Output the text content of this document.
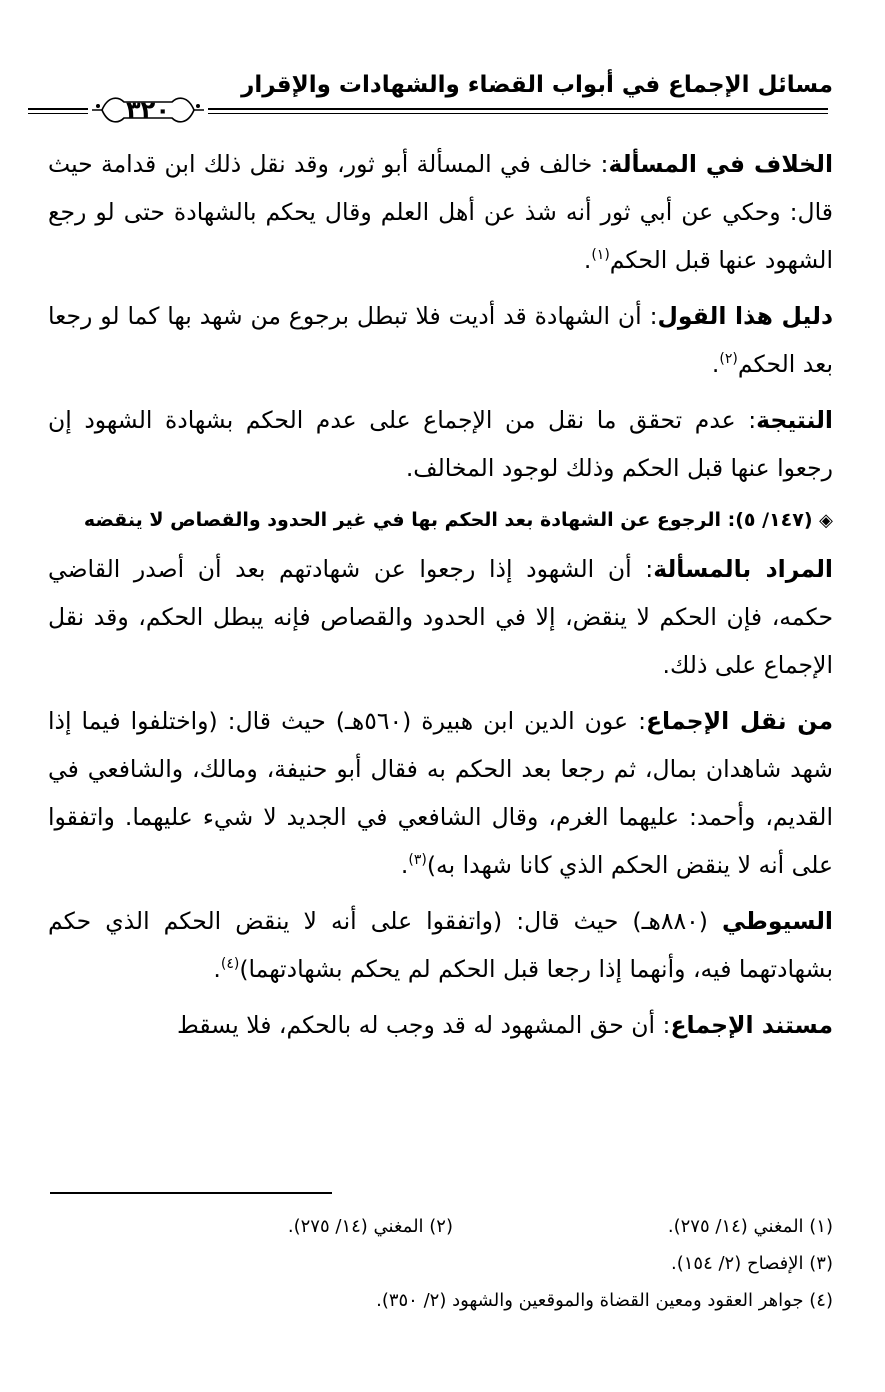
مسائل الإجماع في أبواب القضاء والشهادات والإقرار
٣٢٠

الخلاف في المسألة: خالف في المسألة أبو ثور، وقد نقل ذلك ابن قدامة حيث قال: وحكي عن أبي ثور أنه شذ عن أهل العلم وقال يحكم بالشهادة حتى لو رجع الشهود عنها قبل الحكم$^{(١)}$.

دليل هذا القول: أن الشهادة قد أديت فلا تبطل برجوع من شهد بها كما لو رجعا بعد الحكم$^{(٢)}$.

النتيجة: عدم تحقق ما نقل من الإجماع على عدم الحكم بشهادة الشهود إن رجعوا عنها قبل الحكم وذلك لوجود المخالف.

◈ (١٤٧/ ٥): الرجوع عن الشهادة بعد الحكم بها في غير الحدود والقصاص لا ينقضه

المراد بالمسألة: أن الشهود إذا رجعوا عن شهادتهم بعد أن أصدر القاضي حكمه، فإن الحكم لا ينقض، إلا في الحدود والقصاص فإنه يبطل الحكم، وقد نقل الإجماع على ذلك.

من نقل الإجماع: عون الدين ابن هبيرة (٥٦٠هـ) حيث قال: (واختلفوا فيما إذا شهد شاهدان بمال، ثم رجعا بعد الحكم به فقال أبو حنيفة، ومالك، والشافعي في القديم، وأحمد: عليهما الغرم، وقال الشافعي في الجديد لا شيء عليهما. واتفقوا على أنه لا ينقض الحكم الذي كانا شهدا به)$^{(٣)}$.

السيوطي (٨٨٠هـ) حيث قال: (واتفقوا على أنه لا ينقض الحكم الذي حكم بشهادتهما فيه، وأنهما إذا رجعا قبل الحكم لم يحكم بشهادتهما)$^{(٤)}$.

مستند الإجماع: أن حق المشهود له قد وجب له بالحكم، فلا يسقط

(١) المغني (١٤/ ٢٧٥).
(٢) المغني (١٤/ ٢٧٥).
(٣) الإفصاح (٢/ ١٥٤).
(٤) جواهر العقود ومعين القضاة والموقعين والشهود (٢/ ٣٥٠).
